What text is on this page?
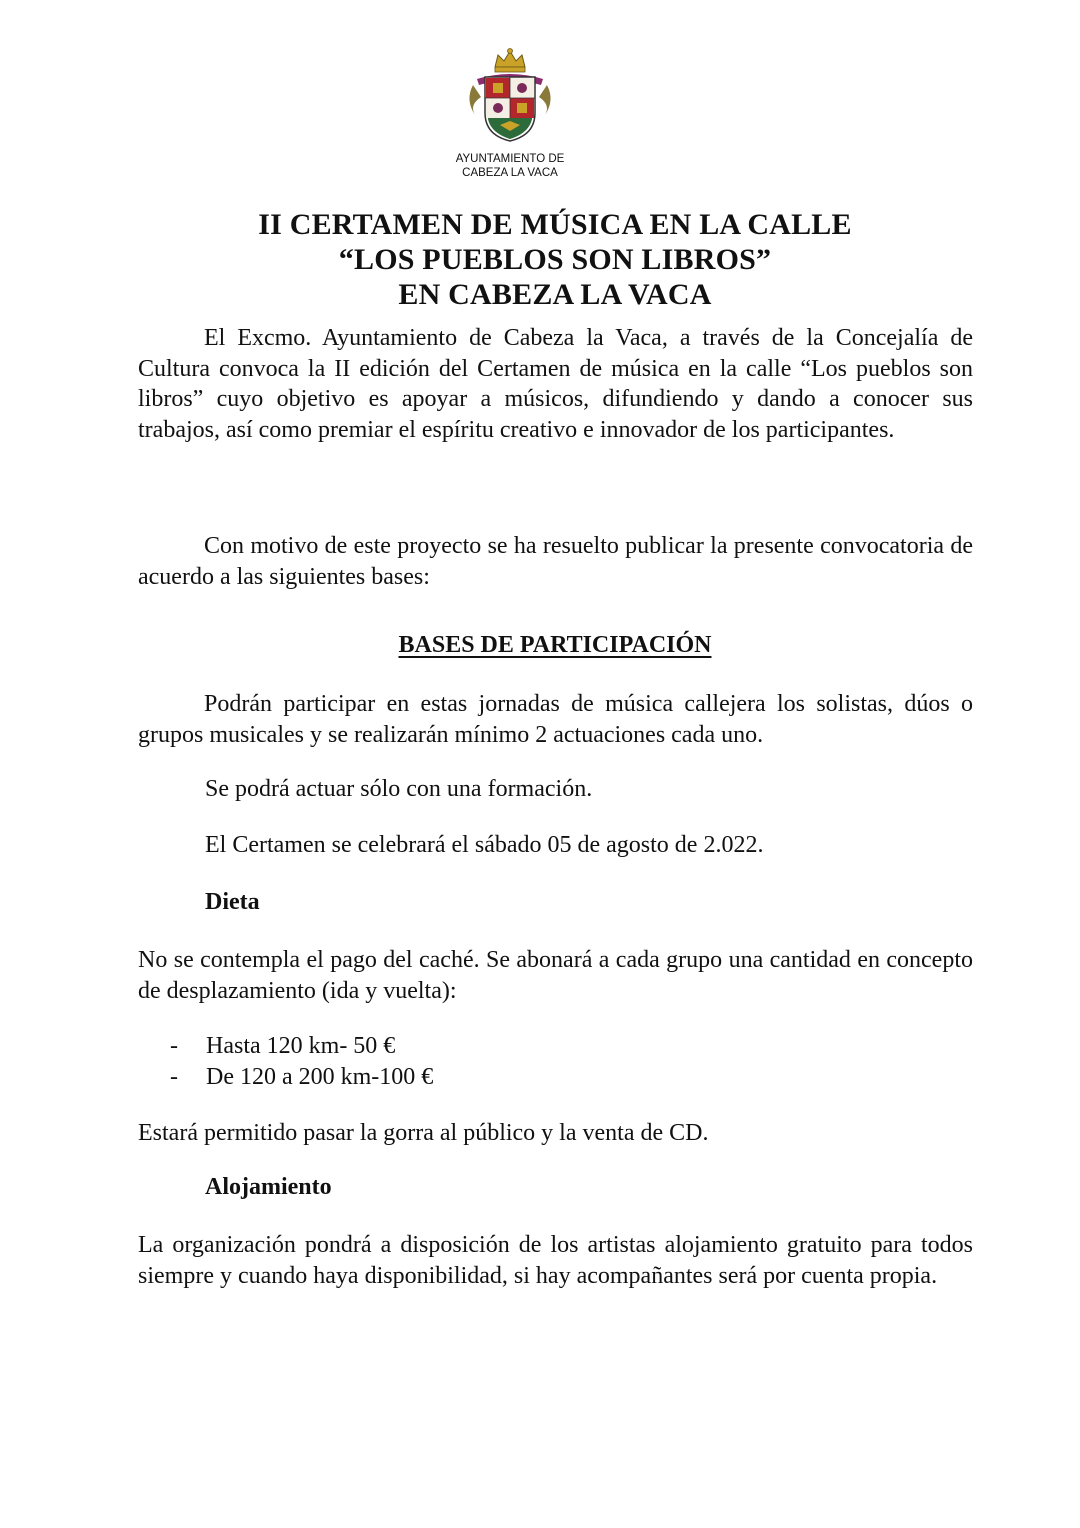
AYUNTAMIENTO DE
CABEZA LA VACA
II CERTAMEN DE MÚSICA EN LA CALLE
“LOS PUEBLOS SON LIBROS”
EN CABEZA LA VACA

El Excmo. Ayuntamiento de Cabeza la Vaca, a través de la Concejalía de Cultura convoca la II edición del Certamen de música en la calle “Los pueblos son libros” cuyo objetivo es apoyar a músicos, difundiendo y dando a conocer sus trabajos, así como premiar el espíritu creativo e innovador de los participantes.

Con motivo de este proyecto se ha resuelto publicar la presente convocatoria de acuerdo a las siguientes bases:

BASES DE PARTICIPACIÓN

Podrán participar en estas jornadas de música callejera los solistas, dúos o grupos musicales y se realizarán mínimo 2 actuaciones cada uno.

Se podrá actuar sólo con una formación.
El Certamen se celebrará el sábado 05 de agosto de 2.022.
Dieta

No se contempla el pago del caché. Se abonará a cada grupo una cantidad en concepto de desplazamiento (ida y vuelta):

- Hasta 120 km- 50 €
- De 120 a 200 km-100 €

Estará permitido pasar la gorra al público y la venta de CD.

Alojamiento

La organización pondrá a disposición de los artistas alojamiento gratuito para todos siempre y cuando haya disponibilidad, si hay acompañantes será por cuenta propia.
